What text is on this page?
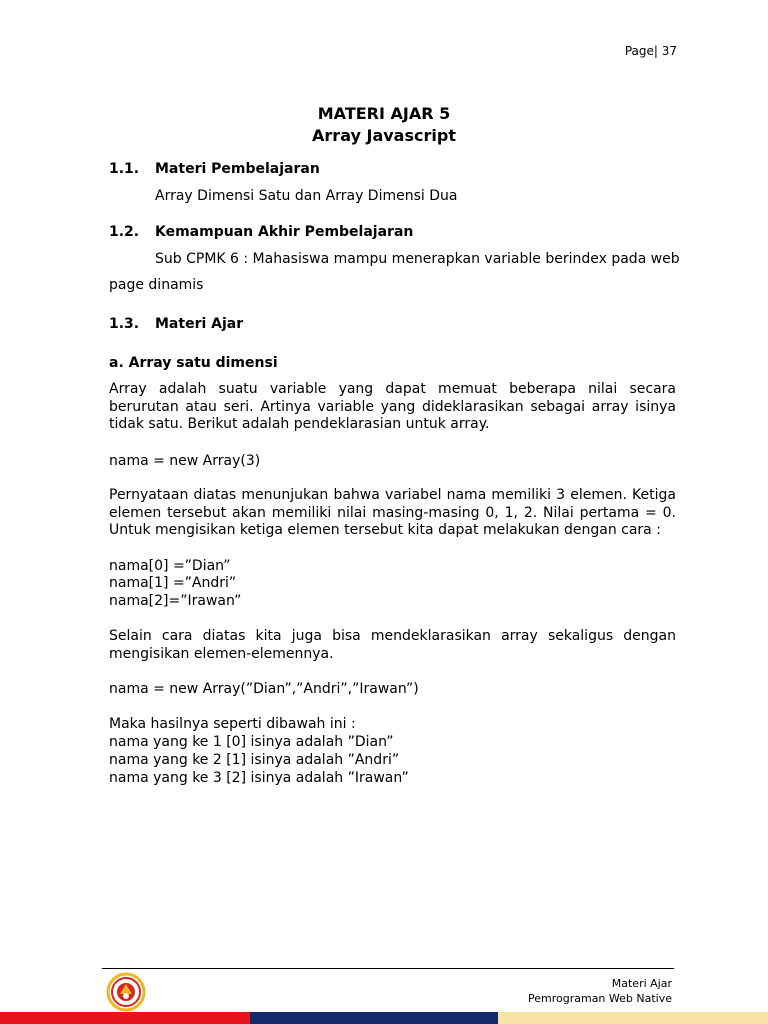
Page| 37
MATERI AJAR 5
Array Javascript
1.1. Materi Pembelajaran
Array Dimensi Satu dan Array Dimensi Dua
1.2. Kemampuan Akhir Pembelajaran
Sub CPMK 6 : Mahasiswa mampu menerapkan variable berindex pada web
page dinamis
1.3. Materi Ajar
a. Array satu dimensi
Array adalah suatu variable yang dapat memuat beberapa nilai secara berurutan atau seri. Artinya variable yang dideklarasikan sebagai array isinya tidak satu. Berikut adalah pendeklarasian untuk array.
nama = new Array(3)
Pernyataan diatas menunjukan bahwa variabel nama memiliki 3 elemen. Ketiga elemen tersebut akan memiliki nilai masing-masing 0, 1, 2. Nilai pertama = 0. Untuk mengisikan ketiga elemen tersebut kita dapat melakukan dengan cara :
nama[0] =”Dian”
nama[1] =”Andri”
nama[2]=”Irawan”
Selain cara diatas kita juga bisa mendeklarasikan array sekaligus dengan mengisikan elemen-elemennya.
nama = new Array(”Dian”,”Andri”,”Irawan”)
Maka hasilnya seperti dibawah ini :
nama yang ke 1 [0] isinya adalah ”Dian”
nama yang ke 2 [1] isinya adalah ”Andri”
nama yang ke 3 [2] isinya adalah ”Irawan”
Materi Ajar
Pemrograman Web Native
